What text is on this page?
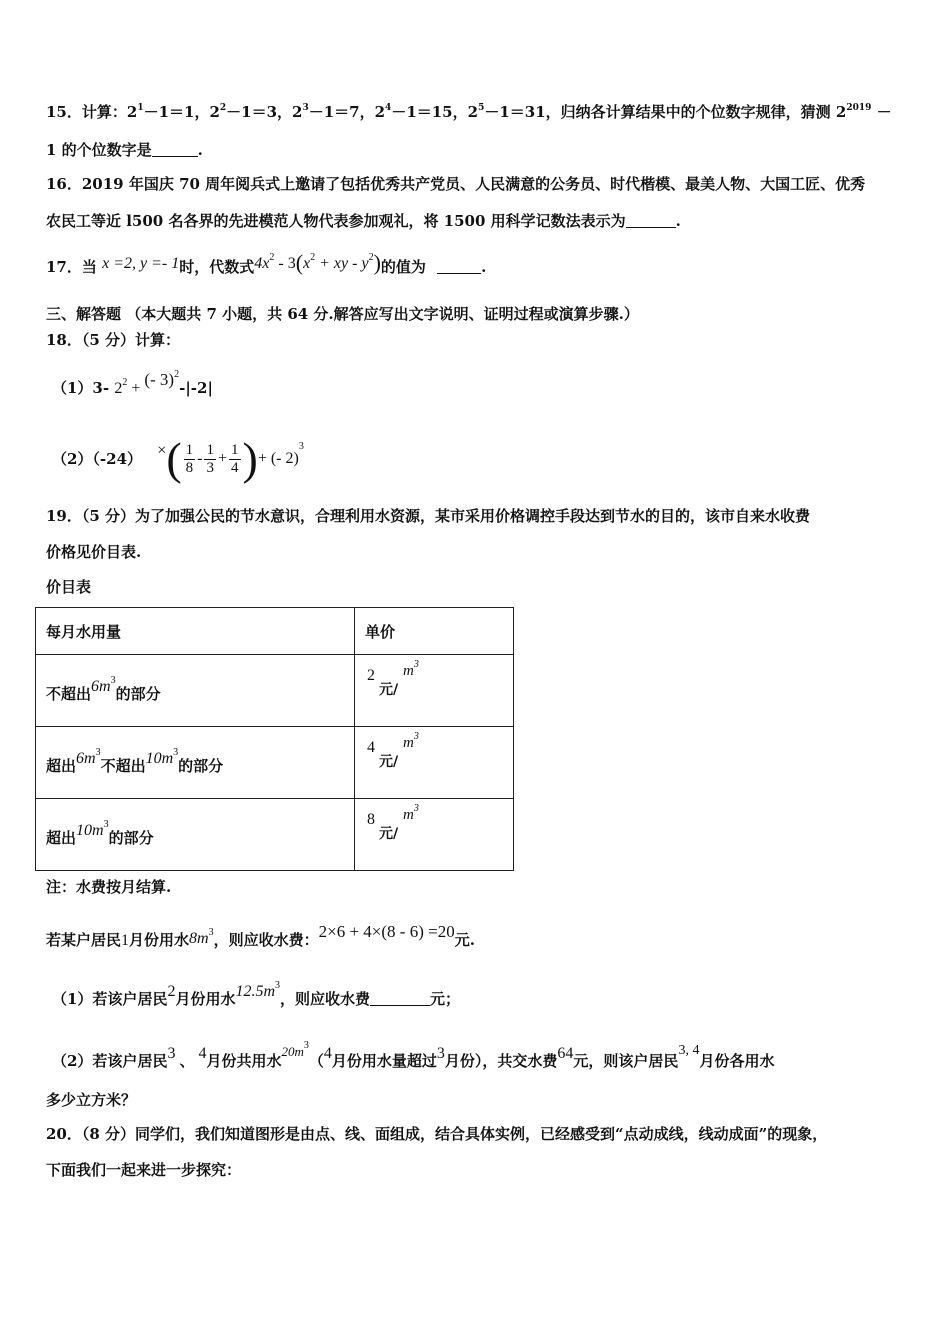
15．计算：$2^1-1=1$，$2^2-1=3$，$2^3-1=7$，$2^4-1=15$，$2^5-1=31$，归纳各计算结果中的个位数字规律，猜测 $2^{2019}$ －
1 的个位数字是	.
16．2019 年国庆 70 周年阅兵式上邀请了包括优秀共产党员、人民满意的公务员、时代楷模、最美人物、大国工匠、优秀
农民工等近 l500 名各界的先进模范人物代表参加观礼，将 1500 用科学记数法表示为	.
17．当 x =2, y =- 1时，代数式$4x^2 - 3(x^2$ + xy - $y^2$)的值为	.
三、解答题 （本大题共 7 小题，共 64 分.解答应写出文字说明、证明过程或演算步骤.）
18．（5 分）计算：
（1）3- $2^2$ + (- 3)$^2$-|-2|
（2）（-24） ×( $\frac{1}{8} - \frac{1}{3} + \frac{1}{4}$ )+ (- 2)$^3$
19．（5 分）为了加强公民的节水意识，合理利用水资源，某市采用价格调控手段达到节水的目的，该市自来水收费
价格见价目表.
价目表
每月水用量	单价
不超出$6m^3$的部分	2
元/
$m^3$

超出$6m^3$不超出$10m^3$的部分	4
元/
$m^3$

超出$10m^3$的部分	8
元/
$m^3$
注：水费按月结算.
若某户居民1月份用水$8m^3$，则应收水费：2×6 + 4×(8 - 6) =20元.
（1）若该户居民2月份用水$12.5m^3$，则应收水费	元；
（2）若该户居民3 、 4月份共用水$20m^3(4$月份用水量超过3月份），共交水费64元，则该户居民3, 4月份各用水
多少立方米？
20．（8 分）同学们，我们知道图形是由点、线、面组成，结合具体实例，已经感受到“点动成线，线动成面”的现象，
下面我们一起来进一步探究：
